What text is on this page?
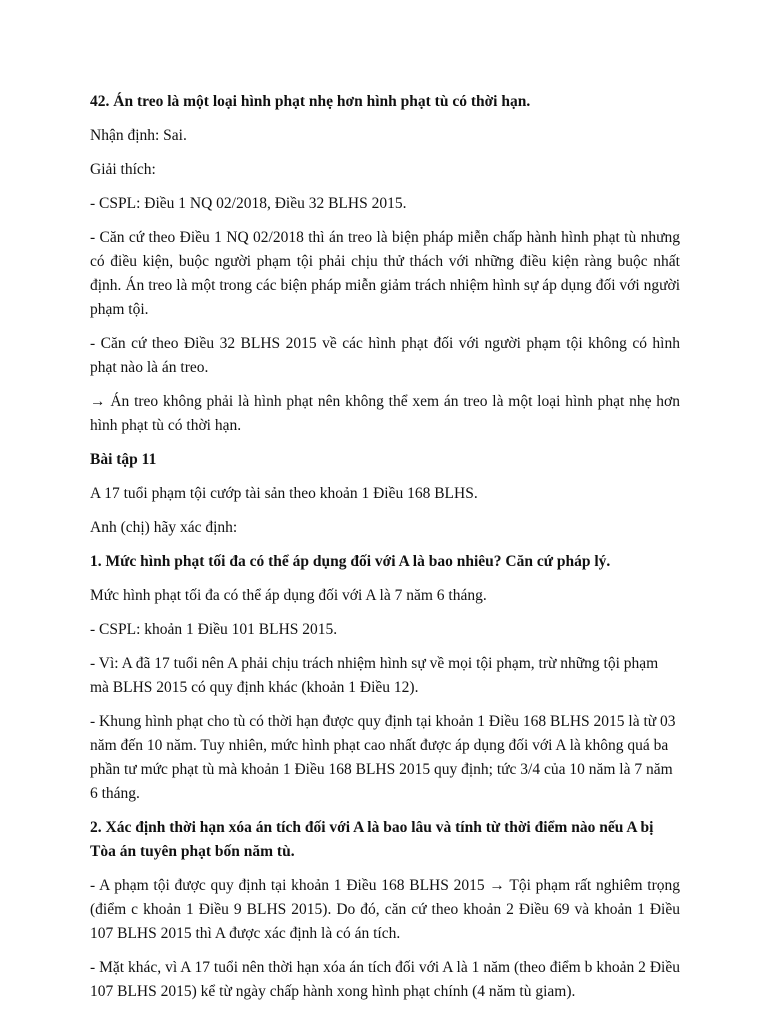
42. Án treo là một loại hình phạt nhẹ hơn hình phạt tù có thời hạn.

Nhận định: Sai.

Giải thích:

- CSPL: Điều 1 NQ 02/2018, Điều 32 BLHS 2015.

- Căn cứ theo Điều 1 NQ 02/2018 thì án treo là biện pháp miễn chấp hành hình phạt tù nhưng có điều kiện, buộc người phạm tội phải chịu thử thách với những điều kiện ràng buộc nhất định. Án treo là một trong các biện pháp miễn giảm trách nhiệm hình sự áp dụng đối với người phạm tội.

- Căn cứ theo Điều 32 BLHS 2015 về các hình phạt đối với người phạm tội không có hình phạt nào là án treo.

→ Án treo không phải là hình phạt nên không thể xem án treo là một loại hình phạt nhẹ hơn hình phạt tù có thời hạn.

Bài tập 11

A 17 tuổi phạm tội cướp tài sản theo khoản 1 Điều 168 BLHS.

Anh (chị) hãy xác định:

1. Mức hình phạt tối đa có thể áp dụng đối với A là bao nhiêu? Căn cứ pháp lý.

Mức hình phạt tối đa có thể áp dụng đối với A là 7 năm 6 tháng.

- CSPL: khoản 1 Điều 101 BLHS 2015.

- Vì: A đã 17 tuổi nên A phải chịu trách nhiệm hình sự về mọi tội phạm, trừ những tội phạm mà BLHS 2015 có quy định khác (khoản 1 Điều 12).

- Khung hình phạt cho tù có thời hạn được quy định tại khoản 1 Điều 168 BLHS 2015 là từ 03 năm đến 10 năm. Tuy nhiên, mức hình phạt cao nhất được áp dụng đối với A là không quá ba phần tư mức phạt tù mà khoản 1 Điều 168 BLHS 2015 quy định; tức 3/4 của 10 năm là 7 năm 6 tháng.

2. Xác định thời hạn xóa án tích đối với A là bao lâu và tính từ thời điểm nào nếu A bị Tòa án tuyên phạt bốn năm tù.

- A phạm tội được quy định tại khoản 1 Điều 168 BLHS 2015 → Tội phạm rất nghiêm trọng (điểm c khoản 1 Điều 9 BLHS 2015). Do đó, căn cứ theo khoản 2 Điều 69 và khoản 1 Điều 107 BLHS 2015 thì A được xác định là có án tích.

- Mặt khác, vì A 17 tuổi nên thời hạn xóa án tích đối với A là 1 năm (theo điểm b khoản 2 Điều 107 BLHS 2015) kể từ ngày chấp hành xong hình phạt chính (4 năm tù giam).
